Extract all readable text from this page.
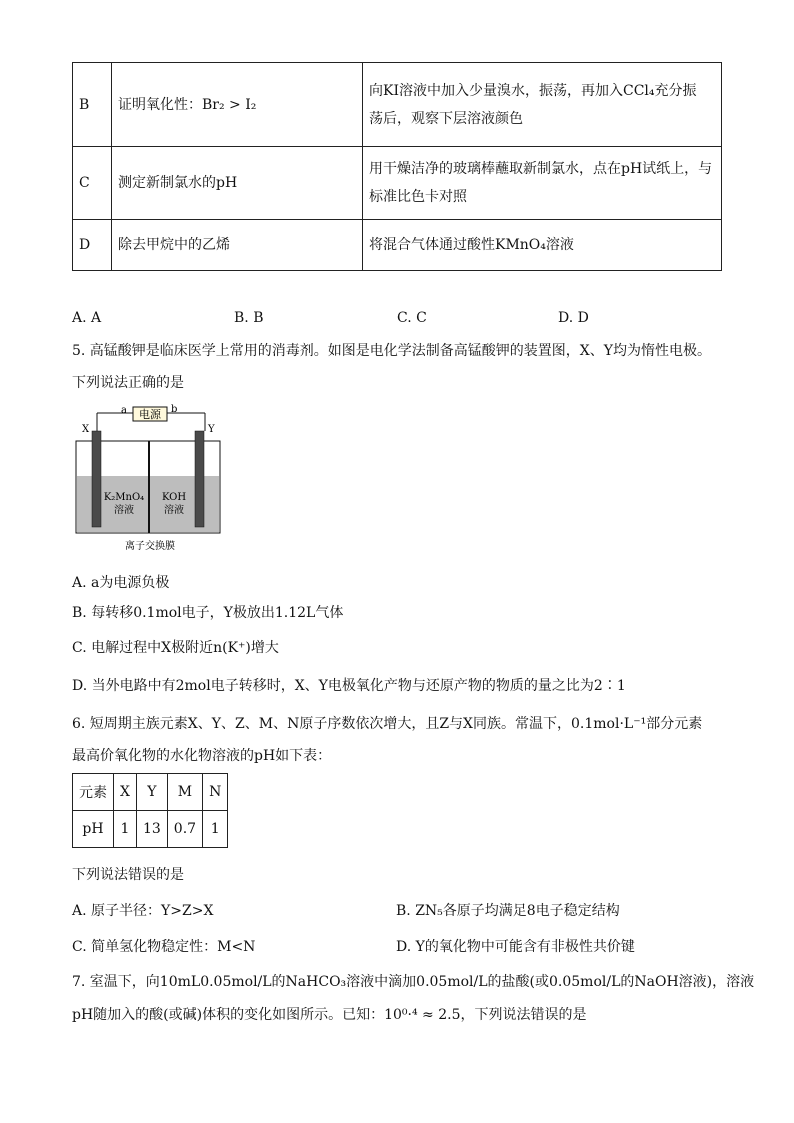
B	证明氧化性：Br₂ > I₂	向KI溶液中加入少量溴水，振荡，再加入CCl₄充分振
荡后，观察下层溶液颜色

C	测定新制氯水的pH	用干燥洁净的玻璃棒蘸取新制氯水，点在pH试纸上，与
标准比色卡对照

D	除去甲烷中的乙烯	将混合气体通过酸性KMnO₄溶液
A. A	B. B	C. C	D. D
5. 高锰酸钾是临床医学上常用的消毒剂。如图是电化学法制备高锰酸钾的装置图，X、Y均为惰性电极。
下列说法正确的是
电源
a	b
X	Y
K₂MnO₄
溶液
KOH
溶液
离子交换膜
A. a为电源负极
B. 每转移0.1mol电子，Y极放出1.12L气体
C. 电解过程中X极附近n(K⁺)增大
D. 当外电路中有2mol电子转移时，X、Y电极氧化产物与还原产物的物质的量之比为2∶1
6. 短周期主族元素X、Y、Z、M、N原子序数依次增大，且Z与X同族。常温下，0.1mol·L⁻¹部分元素
最高价氧化物的水化物溶液的pH如下表：
元素	X	Y	M	N
pH	1	13	0.7	1
下列说法错误的是
A. 原子半径：Y>Z>X	B. ZN₅各原子均满足8电子稳定结构
C. 简单氢化物稳定性：M<N	D. Y的氧化物中可能含有非极性共价键
7. 室温下，向10mL0.05mol/L的NaHCO₃溶液中滴加0.05mol/L的盐酸(或0.05mol/L的NaOH溶液)，溶液
pH随加入的酸(或碱)体积的变化如图所示。已知：10⁰·⁴ ≈ 2.5，下列说法错误的是
